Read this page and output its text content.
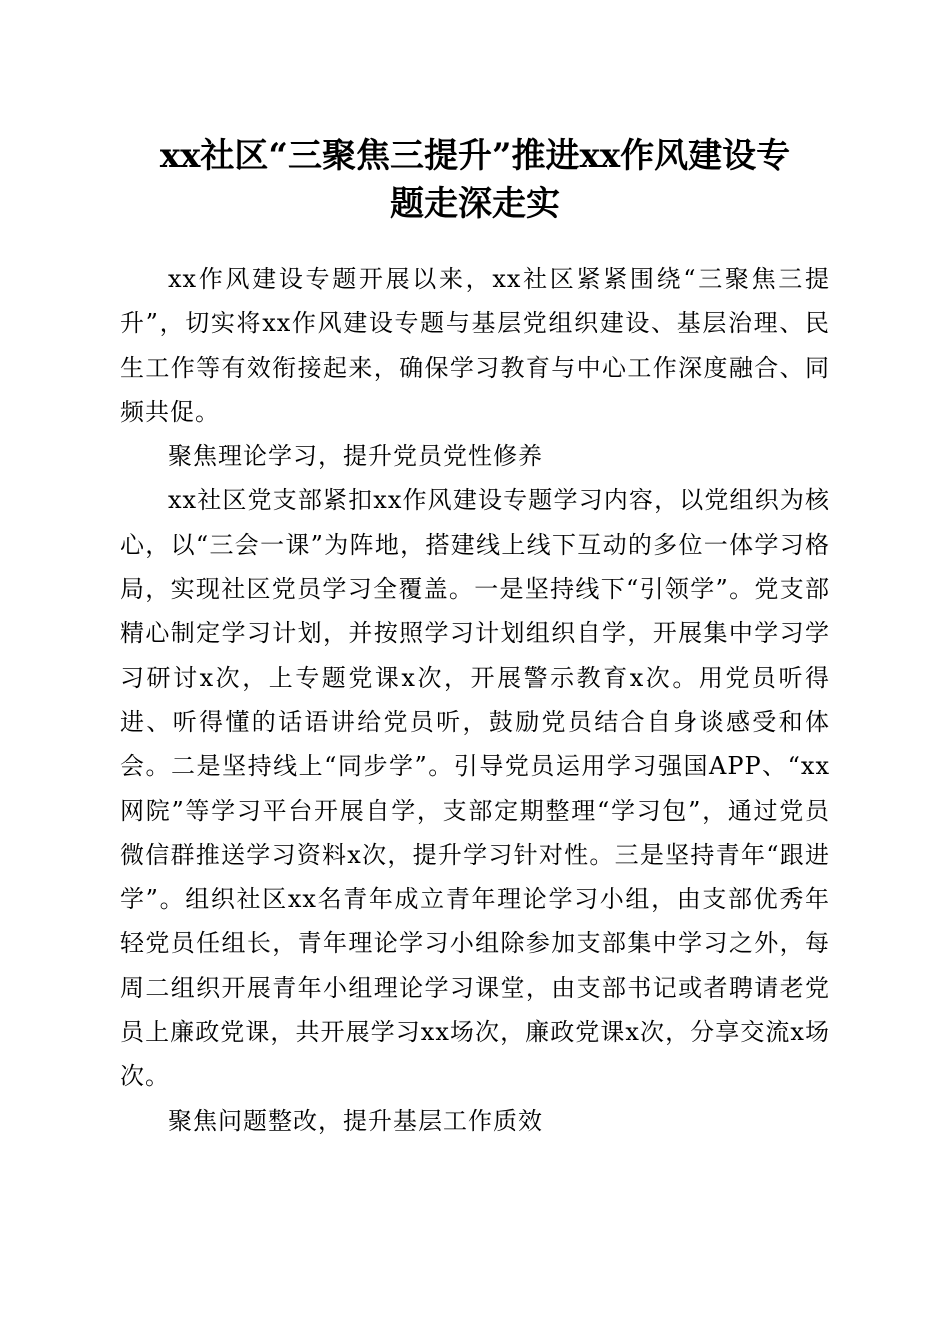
xx社区“三聚焦三提升”推进xx作风建设专
题走深走实

xx作风建设专题开展以来，xx社区紧紧围绕“三聚焦三提升”，切实将xx作风建设专题与基层党组织建设、基层治理、民生工作等有效衔接起来，确保学习教育与中心工作深度融合、同频共促。

聚焦理论学习，提升党员党性修养

xx社区党支部紧扣xx作风建设专题学习内容，以党组织为核心，以“三会一课”为阵地，搭建线上线下互动的多位一体学习格局，实现社区党员学习全覆盖。一是坚持线下“引领学”。党支部精心制定学习计划，并按照学习计划组织自学，开展集中学习学习研讨x次，上专题党课x次，开展警示教育x次。用党员听得进、听得懂的话语讲给党员听，鼓励党员结合自身谈感受和体会。二是坚持线上“同步学”。引导党员运用学习强国APP、“xx网院”等学习平台开展自学，支部定期整理“学习包”，通过党员微信群推送学习资料x次，提升学习针对性。三是坚持青年“跟进学”。组织社区xx名青年成立青年理论学习小组，由支部优秀年轻党员任组长，青年理论学习小组除参加支部集中学习之外，每周二组织开展青年小组理论学习课堂，由支部书记或者聘请老党员上廉政党课，共开展学习xx场次，廉政党课x次，分享交流x场次。

聚焦问题整改，提升基层工作质效
